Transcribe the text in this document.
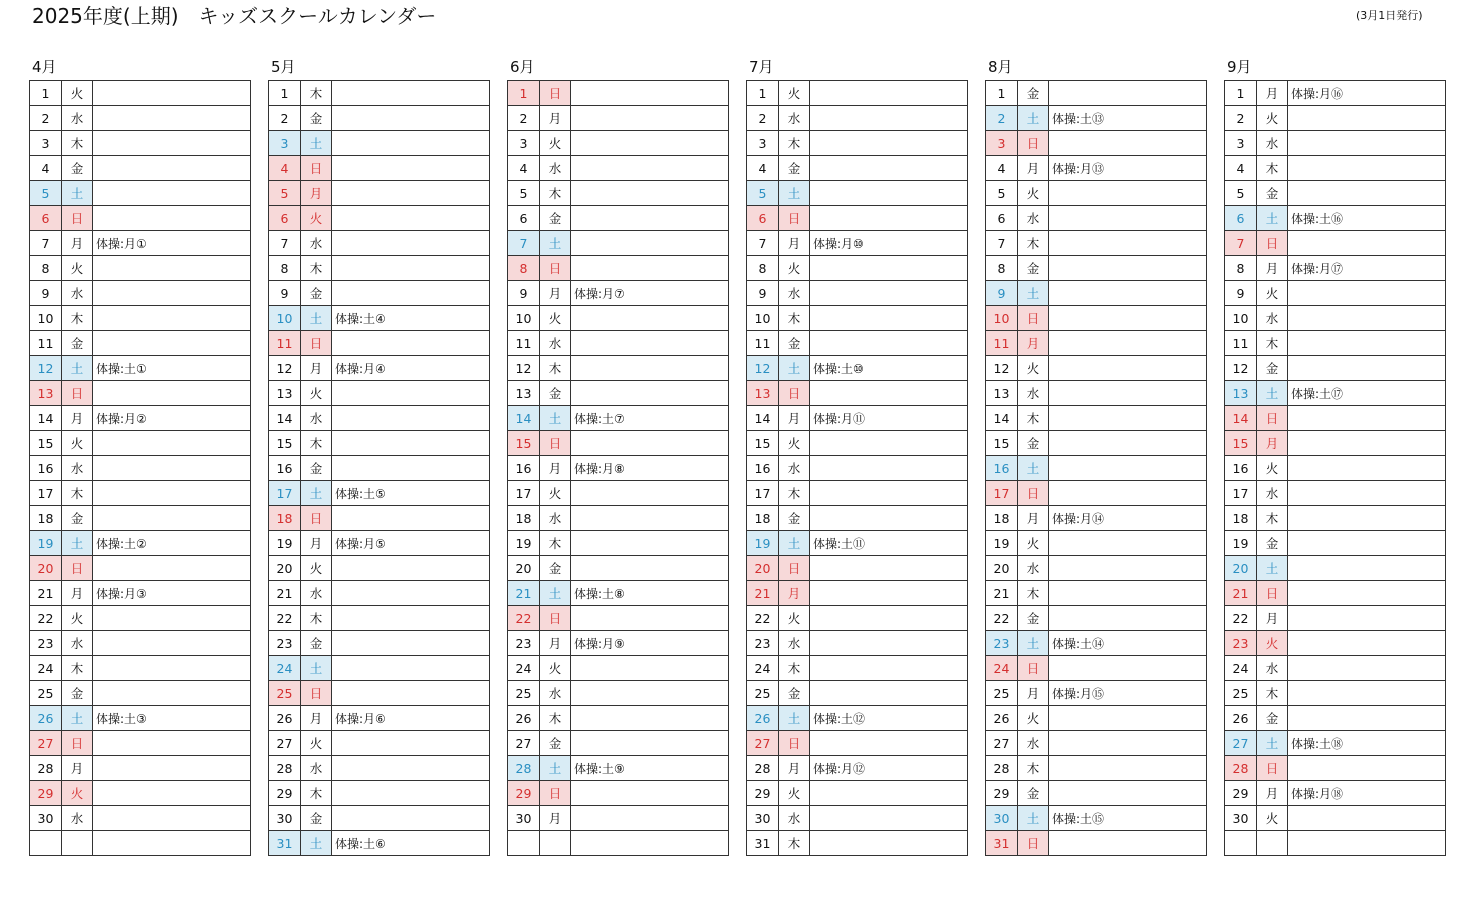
2025年度(上期)　キッズスクールカレンダー	(3月1日発行)
4月
1	火	
2	水	
3	木	
4	金	
5	土	
6	日	
7	月	体操:月①
8	火	
9	水	
10	木	
11	金	
12	土	体操:土①
13	日	
14	月	体操:月②
15	火	
16	水	
17	木	
18	金	
19	土	体操:土②
20	日	
21	月	体操:月③
22	火	
23	水	
24	木	
25	金	
26	土	体操:土③
27	日	
28	月	
29	火	
30	水	

5月
1	木	
2	金	
3	土	
4	日	
5	月	
6	火	
7	水	
8	木	
9	金	
10	土	体操:土④
11	日	
12	月	体操:月④
13	火	
14	水	
15	木	
16	金	
17	土	体操:土⑤
18	日	
19	月	体操:月⑤
20	火	
21	水	
22	木	
23	金	
24	土	
25	日	
26	月	体操:月⑥
27	火	
28	水	
29	木	
30	金	
31	土	体操:土⑥
6月
1	日	
2	月	
3	火	
4	水	
5	木	
6	金	
7	土	
8	日	
9	月	体操:月⑦
10	火	
11	水	
12	木	
13	金	
14	土	体操:土⑦
15	日	
16	月	体操:月⑧
17	火	
18	水	
19	木	
20	金	
21	土	体操:土⑧
22	日	
23	月	体操:月⑨
24	火	
25	水	
26	木	
27	金	
28	土	体操:土⑨
29	日	
30	月	

7月
1	火	
2	水	
3	木	
4	金	
5	土	
6	日	
7	月	体操:月⑩
8	火	
9	水	
10	木	
11	金	
12	土	体操:土⑩
13	日	
14	月	体操:月⑪
15	火	
16	水	
17	木	
18	金	
19	土	体操:土⑪
20	日	
21	月	
22	火	
23	水	
24	木	
25	金	
26	土	体操:土⑫
27	日	
28	月	体操:月⑫
29	火	
30	水	
31	木	
8月
1	金	
2	土	体操:土⑬
3	日	
4	月	体操:月⑬
5	火	
6	水	
7	木	
8	金	
9	土	
10	日	
11	月	
12	火	
13	水	
14	木	
15	金	
16	土	
17	日	
18	月	体操:月⑭
19	火	
20	水	
21	木	
22	金	
23	土	体操:土⑭
24	日	
25	月	体操:月⑮
26	火	
27	水	
28	木	
29	金	
30	土	体操:土⑮
31	日	
9月
1	月	体操:月⑯
2	火	
3	水	
4	木	
5	金	
6	土	体操:土⑯
7	日	
8	月	体操:月⑰
9	火	
10	水	
11	木	
12	金	
13	土	体操:土⑰
14	日	
15	月	
16	火	
17	水	
18	木	
19	金	
20	土	
21	日	
22	月	
23	火	
24	水	
25	木	
26	金	
27	土	体操:土⑱
28	日	
29	月	体操:月⑱
30	火	
